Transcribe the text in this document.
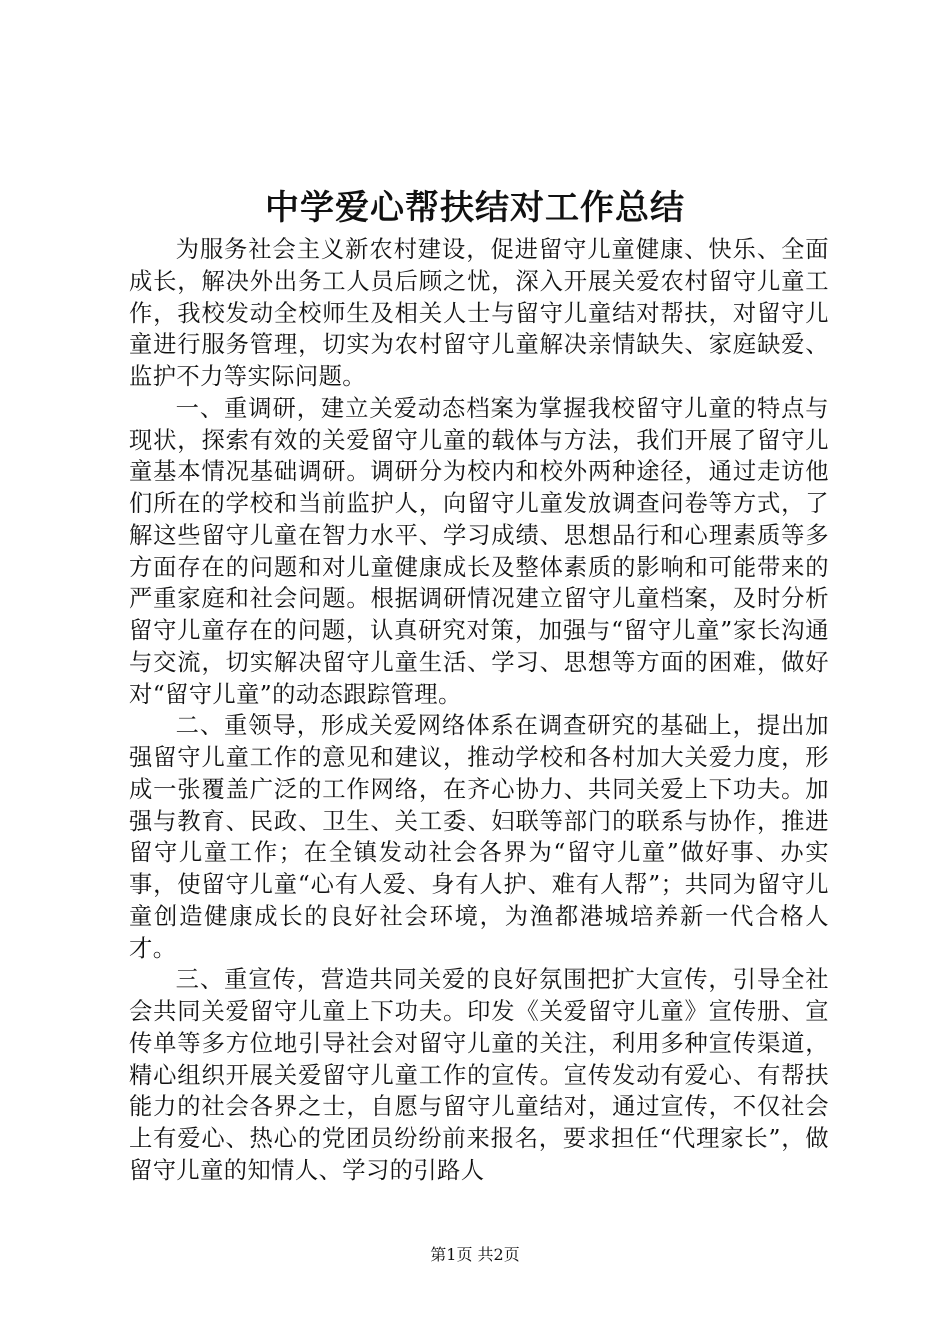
中学爱心帮扶结对工作总结

为服务社会主义新农村建设，促进留守儿童健康、快乐、全面成长，解决外出务工人员后顾之忧，深入开展关爱农村留守儿童工作，我校发动全校师生及相关人士与留守儿童结对帮扶，对留守儿童进行服务管理，切实为农村留守儿童解决亲情缺失、家庭缺爱、监护不力等实际问题。

一、重调研，建立关爱动态档案为掌握我校留守儿童的特点与现状，探索有效的关爱留守儿童的载体与方法，我们开展了留守儿童基本情况基础调研。调研分为校内和校外两种途径，通过走访他们所在的学校和当前监护人，向留守儿童发放调查问卷等方式，了解这些留守儿童在智力水平、学习成绩、思想品行和心理素质等多方面存在的问题和对儿童健康成长及整体素质的影响和可能带来的严重家庭和社会问题。根据调研情况建立留守儿童档案，及时分析留守儿童存在的问题，认真研究对策，加强与“留守儿童”家长沟通与交流，切实解决留守儿童生活、学习、思想等方面的困难，做好对“留守儿童”的动态跟踪管理。

二、重领导，形成关爱网络体系在调查研究的基础上，提出加强留守儿童工作的意见和建议，推动学校和各村加大关爱力度，形成一张覆盖广泛的工作网络，在齐心协力、共同关爱上下功夫。加强与教育、民政、卫生、关工委、妇联等部门的联系与协作，推进留守儿童工作；在全镇发动社会各界为“留守儿童”做好事、办实事，使留守儿童“心有人爱、身有人护、难有人帮”；共同为留守儿童创造健康成长的良好社会环境，为渔都港城培养新一代合格人才。

三、重宣传，营造共同关爱的良好氛围把扩大宣传，引导全社会共同关爱留守儿童上下功夫。印发《关爱留守儿童》宣传册、宣传单等多方位地引导社会对留守儿童的关注，利用多种宣传渠道，精心组织开展关爱留守儿童工作的宣传。宣传发动有爱心、有帮扶能力的社会各界之士，自愿与留守儿童结对，通过宣传，不仅社会上有爱心、热心的党团员纷纷前来报名，要求担任“代理家长”，做留守儿童的知情人、学习的引路人

第1页 共2页
